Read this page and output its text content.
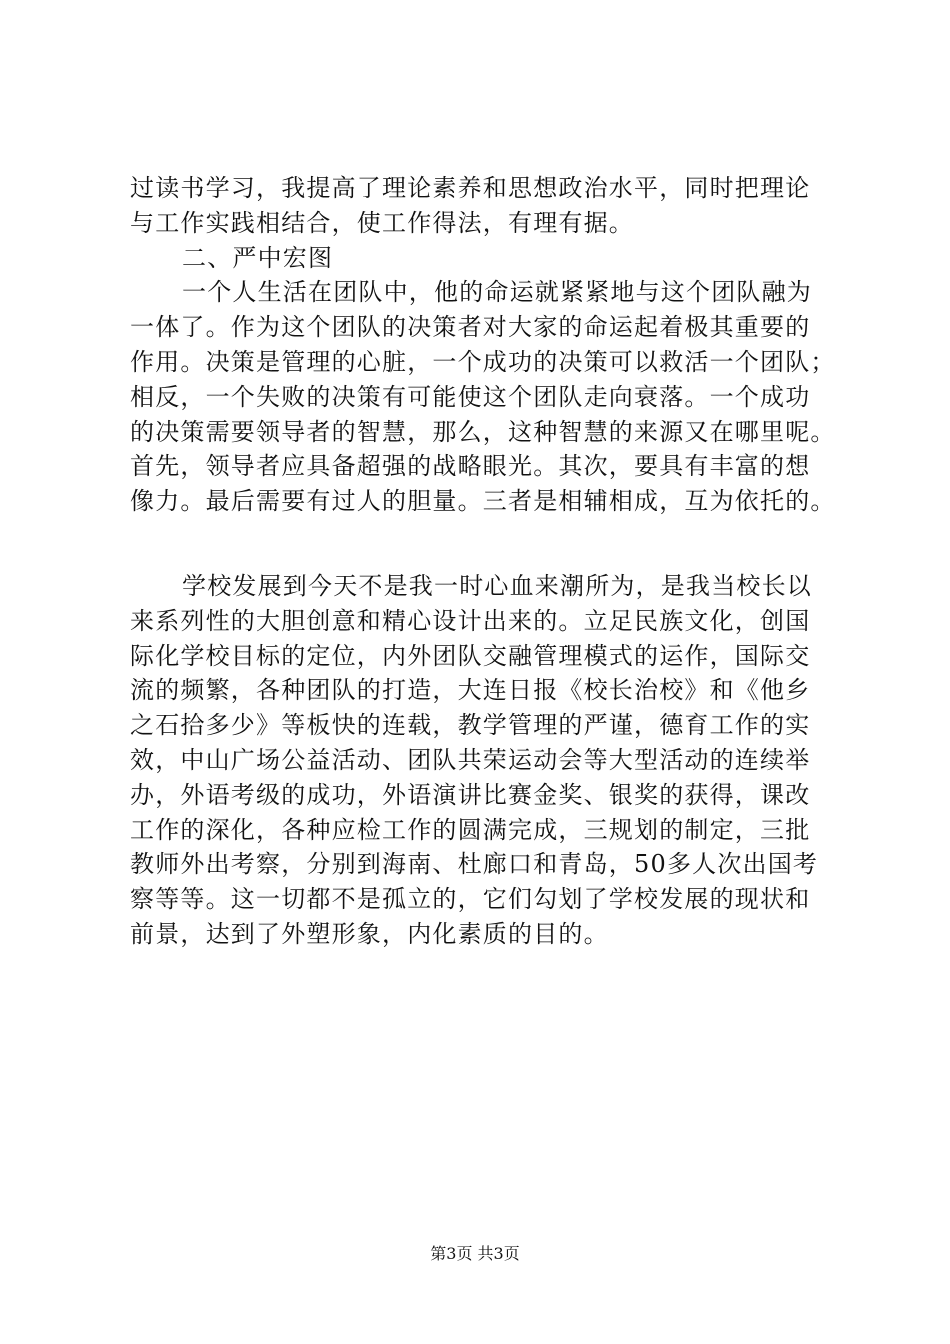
过读书学习，我提高了理论素养和思想政治水平，同时把理论
与工作实践相结合，使工作得法，有理有据。
二、严中宏图
一个人生活在团队中，他的命运就紧紧地与这个团队融为
一体了。作为这个团队的决策者对大家的命运起着极其重要的
作用。决策是管理的心脏，一个成功的决策可以救活一个团队；
相反，一个失败的决策有可能使这个团队走向衰落。一个成功
的决策需要领导者的智慧，那么，这种智慧的来源又在哪里呢。
首先，领导者应具备超强的战略眼光。其次，要具有丰富的想
像力。最后需要有过人的胆量。三者是相辅相成，互为依托的。
学校发展到今天不是我一时心血来潮所为，是我当校长以
来系列性的大胆创意和精心设计出来的。立足民族文化，创国
际化学校目标的定位，内外团队交融管理模式的运作，国际交
流的频繁，各种团队的打造，大连日报《校长治校》和《他乡
之石拾多少》等板快的连载，教学管理的严谨，德育工作的实
效，中山广场公益活动、团队共荣运动会等大型活动的连续举
办，外语考级的成功，外语演讲比赛金奖、银奖的获得，课改
工作的深化，各种应检工作的圆满完成，三规划的制定，三批
教师外出考察，分别到海南、杜廊口和青岛，50多人次出国考
察等等。这一切都不是孤立的，它们勾划了学校发展的现状和
前景，达到了外塑形象，内化素质的目的。
第3页 共3页
